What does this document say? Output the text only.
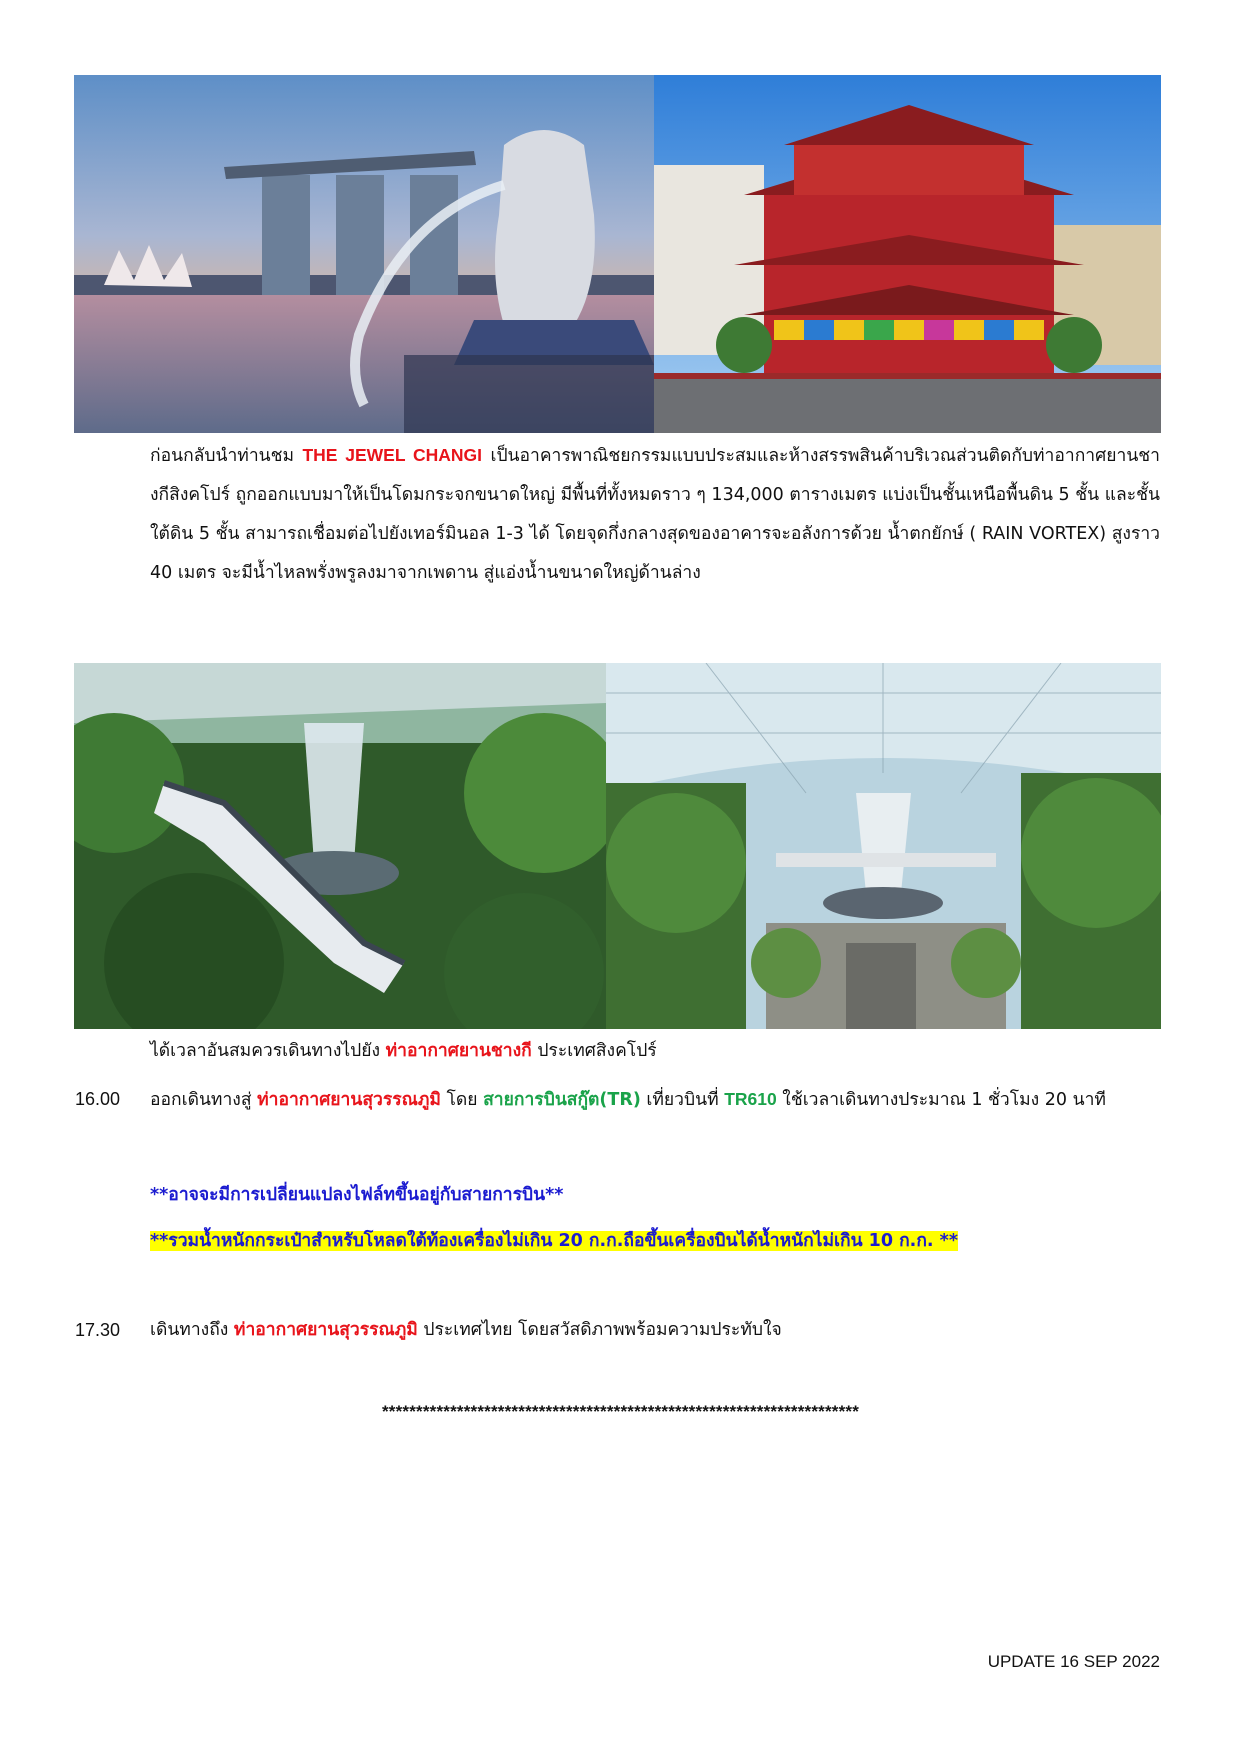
ก่อนกลับนำท่านชม THE JEWEL CHANGI เป็นอาคารพาณิชยกรรมแบบประสมและห้างสรรพสินค้าบริเวณส่วนติดกับท่าอากาศยานชางกีสิงคโปร์ ถูกออกแบบมาให้เป็นโดมกระจกขนาดใหญ่ มีพื้นที่ทั้งหมดราว ๆ 134,000 ตารางเมตร แบ่งเป็นชั้นเหนือพื้นดิน 5 ชั้น และชั้นใต้ดิน 5 ชั้น สามารถเชื่อมต่อไปยังเทอร์มินอล 1-3 ได้ โดยจุดกึ่งกลางสุดของอาคารจะอลังการด้วย น้ำตกยักษ์ ( RAIN VORTEX) สูงราว 40 เมตร จะมีน้ำไหลพรั่งพรูลงมาจากเพดาน สู่แอ่งน้ำนขนาดใหญ่ด้านล่าง
ได้เวลาอันสมควรเดินทางไปยัง ท่าอากาศยานชางกี ประเทศสิงคโปร์
16.00 ออกเดินทางสู่ ท่าอากาศยานสุวรรณภูมิ โดย สายการบินสกู๊ต(TR) เที่ยวบินที่ TR610 ใช้เวลาเดินทางประมาณ 1 ชั่วโมง 20 นาที
**อาจจะมีการเปลี่ยนแปลงไฟล์ทขึ้นอยู่กับสายการบิน**
**รวมน้ำหนักกระเป๋าสำหรับโหลดใต้ท้องเครื่องไม่เกิน 20 ก.ก.ถือขึ้นเครื่องบินได้น้ำหนักไม่เกิน 10 ก.ก. **
17.30 เดินทางถึง ท่าอากาศยานสุวรรณภูมิ ประเทศไทย โดยสวัสดิภาพพร้อมความประทับใจ
**********************************************************************
UPDATE 16 SEP 2022
